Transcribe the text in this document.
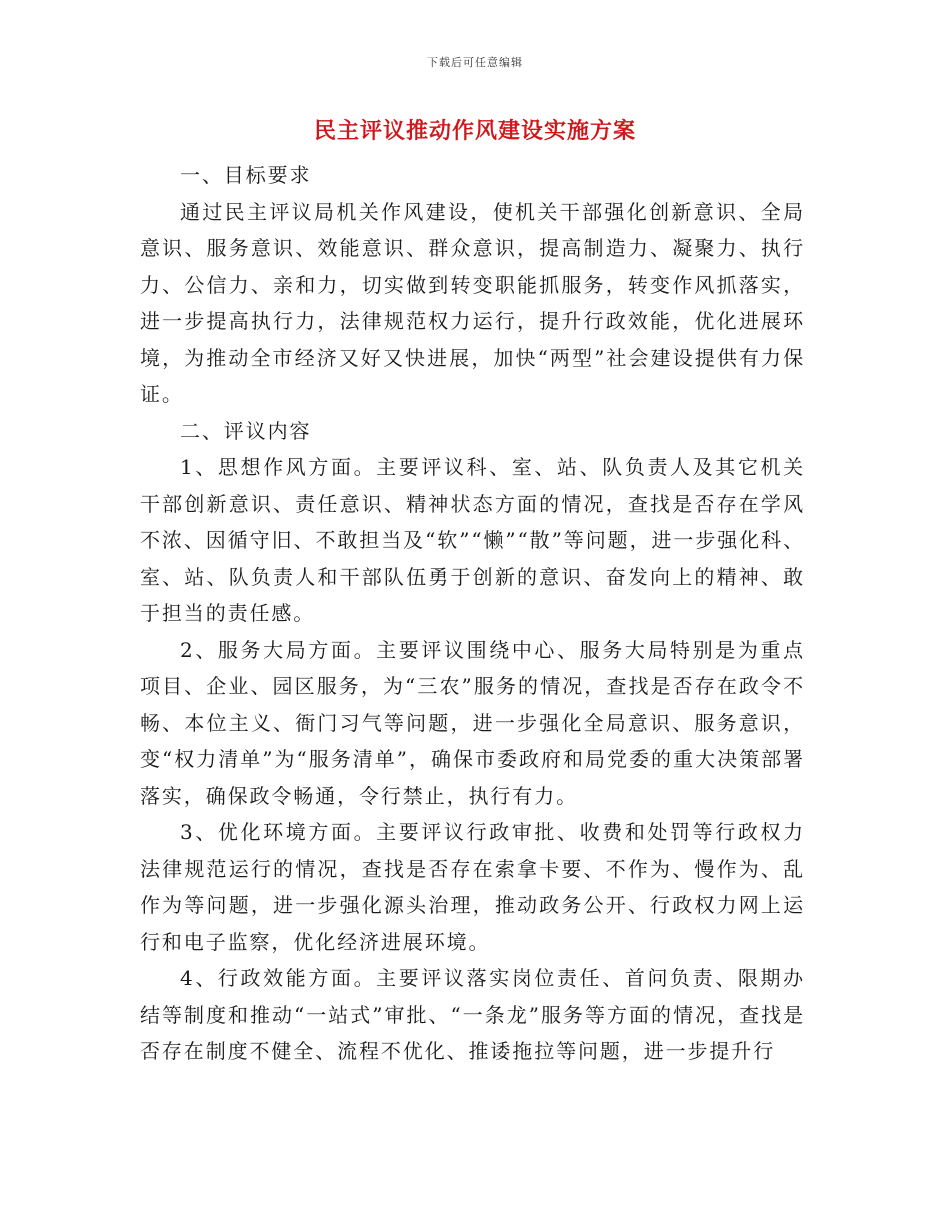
下载后可任意编辑
民主评议推动作风建设实施方案

一、目标要求

通过民主评议局机关作风建设，使机关干部强化创新意识、全局意识、服务意识、效能意识、群众意识，提高制造力、凝聚力、执行力、公信力、亲和力，切实做到转变职能抓服务，转变作风抓落实，进一步提高执行力，法律规范权力运行，提升行政效能，优化进展环境，为推动全市经济又好又快进展，加快“两型”社会建设提供有力保证。

二、评议内容

1、思想作风方面。主要评议科、室、站、队负责人及其它机关干部创新意识、责任意识、精神状态方面的情况，查找是否存在学风不浓、因循守旧、不敢担当及“软”“懒”“散”等问题，进一步强化科、室、站、队负责人和干部队伍勇于创新的意识、奋发向上的精神、敢于担当的责任感。

2、服务大局方面。主要评议围绕中心、服务大局特别是为重点项目、企业、园区服务，为“三农”服务的情况，查找是否存在政令不畅、本位主义、衙门习气等问题，进一步强化全局意识、服务意识，变“权力清单”为“服务清单”，确保市委政府和局党委的重大决策部署落实，确保政令畅通，令行禁止，执行有力。

3、优化环境方面。主要评议行政审批、收费和处罚等行政权力法律规范运行的情况，查找是否存在索拿卡要、不作为、慢作为、乱作为等问题，进一步强化源头治理，推动政务公开、行政权力网上运行和电子监察，优化经济进展环境。

4、行政效能方面。主要评议落实岗位责任、首问负责、限期办结等制度和推动“一站式”审批、“一条龙”服务等方面的情况，查找是否存在制度不健全、流程不优化、推诿拖拉等问题，进一步提升行
